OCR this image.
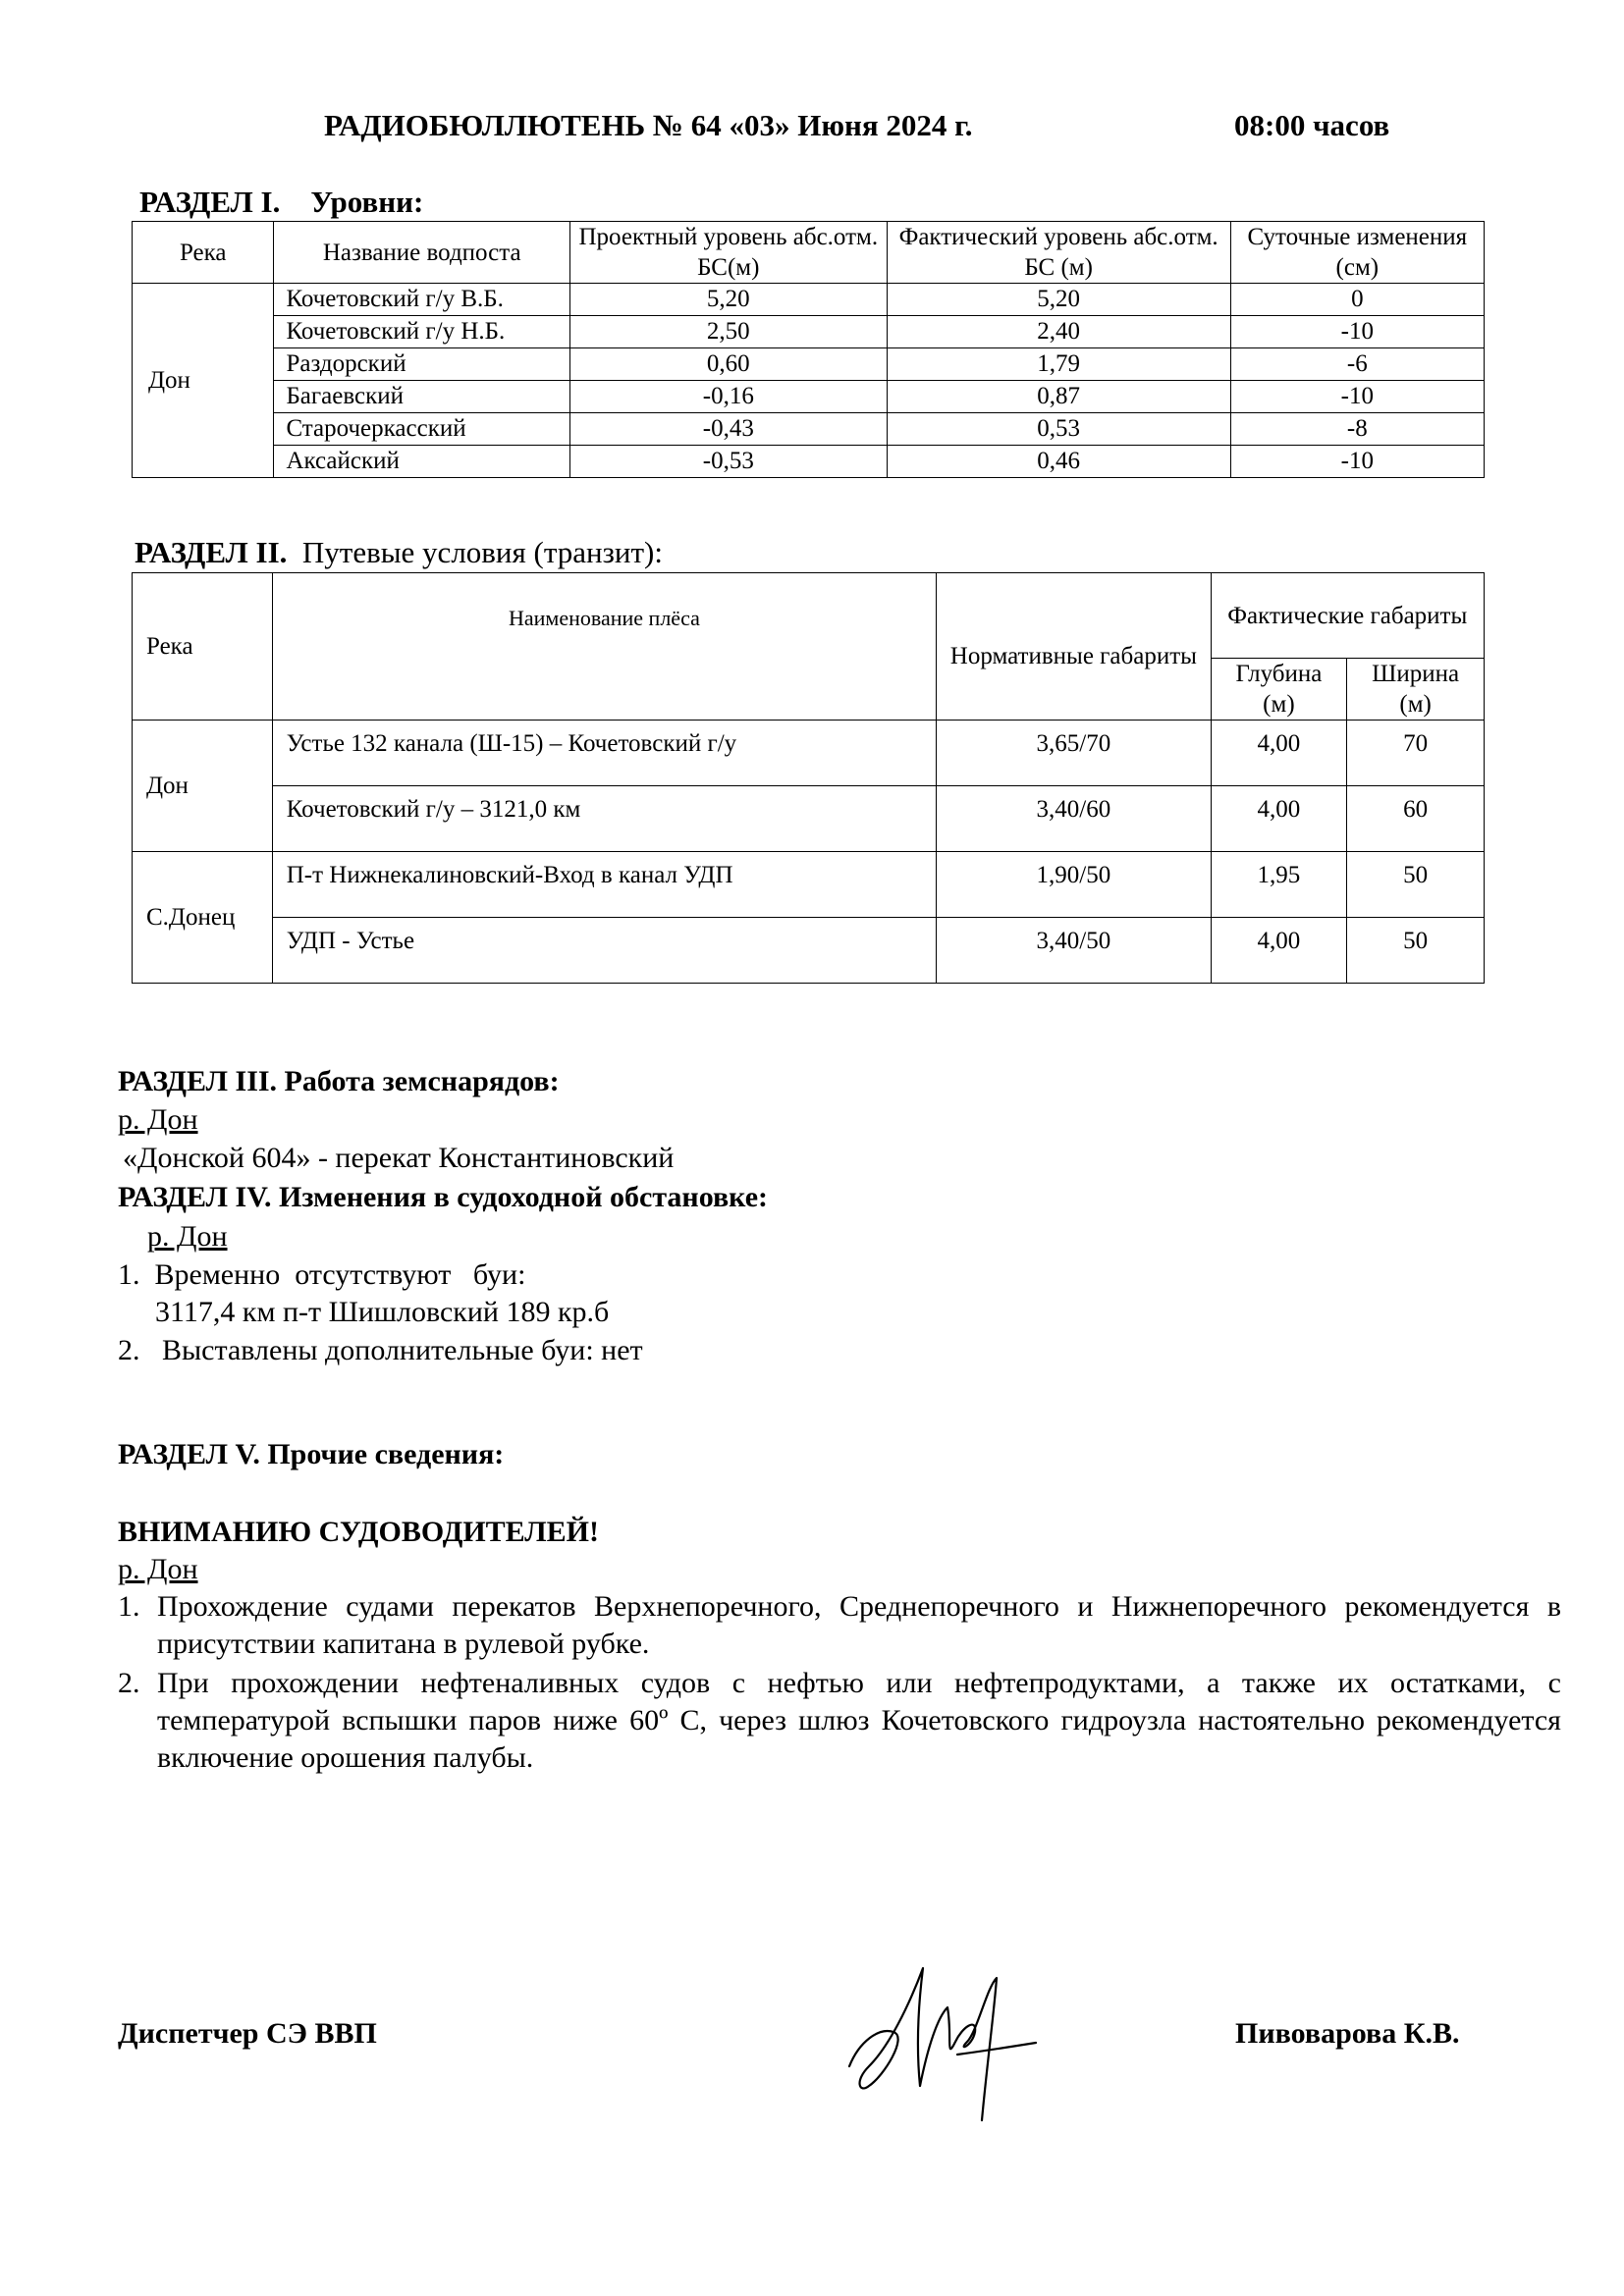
РАДИОБЮЛЛЮТЕНЬ № 64 «03» Июня 2024 г.	08:00 часов
РАЗДЕЛ I. Уровни:
Река	Название водпоста	Проектный уровень абс.отм. БС(м)	Фактический уровень абс.отм. БС (м)	Суточные изменения (см)
Дон	Кочетовский г/у В.Б.	5,20	5,20	0
	Кочетовский г/у Н.Б.	2,50	2,40	-10
	Раздорский	0,60	1,79	-6
	Багаевский	-0,16	0,87	-10
	Старочеркасский	-0,43	0,53	-8
	Аксайский	-0,53	0,46	-10
РАЗДЕЛ II. Путевые условия (транзит):
Река	Наименование плёса	Нормативные габариты	Фактические габариты	
			Глубина (м)	Ширина (м)
Дон	Устье 132 канала (Ш-15) – Кочетовский г/у	3,65/70	4,00	70
	Кочетовский г/у – 3121,0 км	3,40/60	4,00	60
С.Донец	П-т Нижнекалиновский-Вход в канал УДП	1,90/50	1,95	50
	УДП - Устье	3,40/50	4,00	50
РАЗДЕЛ III. Работа земснарядов:
р. Дон
«Донской 604» - перекат Константиновский
РАЗДЕЛ IV. Изменения в судоходной обстановке:
р. Дон
1. Временно  отсутствуют   буи:
3117,4 км п-т Шишловский 189 кр.б
2. Выставлены дополнительные буи: нет
РАЗДЕЛ V. Прочие сведения:
ВНИМАНИЮ СУДОВОДИТЕЛЕЙ!
р. Дон
1. Прохождение судами перекатов Верхнепоречного, Среднепоречного и Нижнепоречного рекомендуется в присутствии капитана в рулевой рубке.
2. При прохождении нефтеналивных судов с нефтью или нефтепродуктами, а также их остатками, с температурой вспышки паров ниже 60º С, через шлюз Кочетовского гидроузла настоятельно рекомендуется включение орошения палубы.
Диспетчер СЭ ВВП	Пивоварова К.В.
